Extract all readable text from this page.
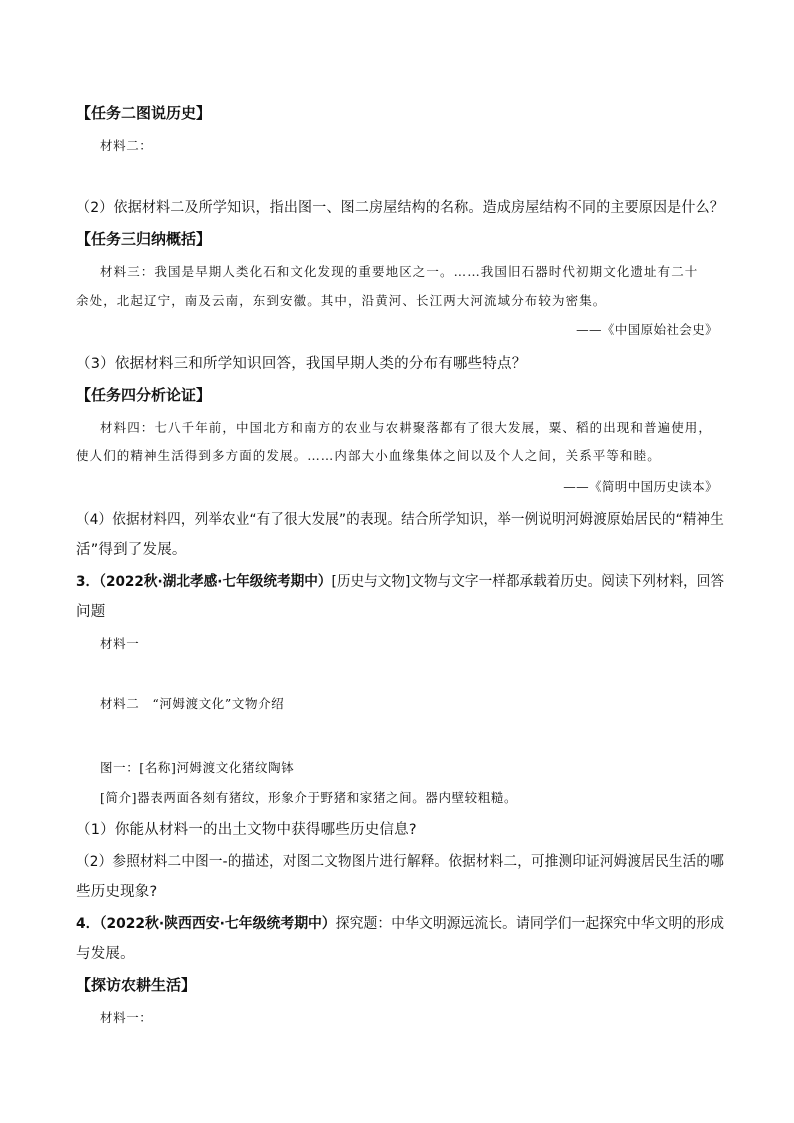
【任务二图说历史】
材料二：
（2）依据材料二及所学知识，指出图一、图二房屋结构的名称。造成房屋结构不同的主要原因是什么？
【任务三归纳概括】
材料三：我国是早期人类化石和文化发现的重要地区之一。……我国旧石器时代初期文化遗址有二十
余处，北起辽宁，南及云南，东到安徽。其中，沿黄河、长江两大河流域分布较为密集。
——《中国原始社会史》
（3）依据材料三和所学知识回答，我国早期人类的分布有哪些特点？
【任务四分析论证】
材料四：七八千年前，中国北方和南方的农业与农耕聚落都有了很大发展，粟、稻的出现和普遍使用，
使人们的精神生活得到多方面的发展。……内部大小血缘集体之间以及个人之间，关系平等和睦。
——《简明中国历史读本》
（4）依据材料四，列举农业“有了很大发展”的表现。结合所学知识，举一例说明河姆渡原始居民的“精神生
活”得到了发展。
3．（2022秋·湖北孝感·七年级统考期中）[历史与文物]文物与文字一样都承载着历史。阅读下列材料，回答
问题
材料一
材料二　“河姆渡文化”文物介绍
图一：[名称]河姆渡文化猪纹陶钵
[简介]器表两面各刻有猪纹，形象介于野猪和家猪之间。器内壁较粗糙。
（1）你能从材料一的出土文物中获得哪些历史信息?
（2）参照材料二中图一-的描述，对图二文物图片进行解释。依据材料二，可推测印证河姆渡居民生活的哪
些历史现象?
4．（2022秋·陕西西安·七年级统考期中）探究题：中华文明源远流长。请同学们一起探究中华文明的形成
与发展。
【探访农耕生活】
材料一：
